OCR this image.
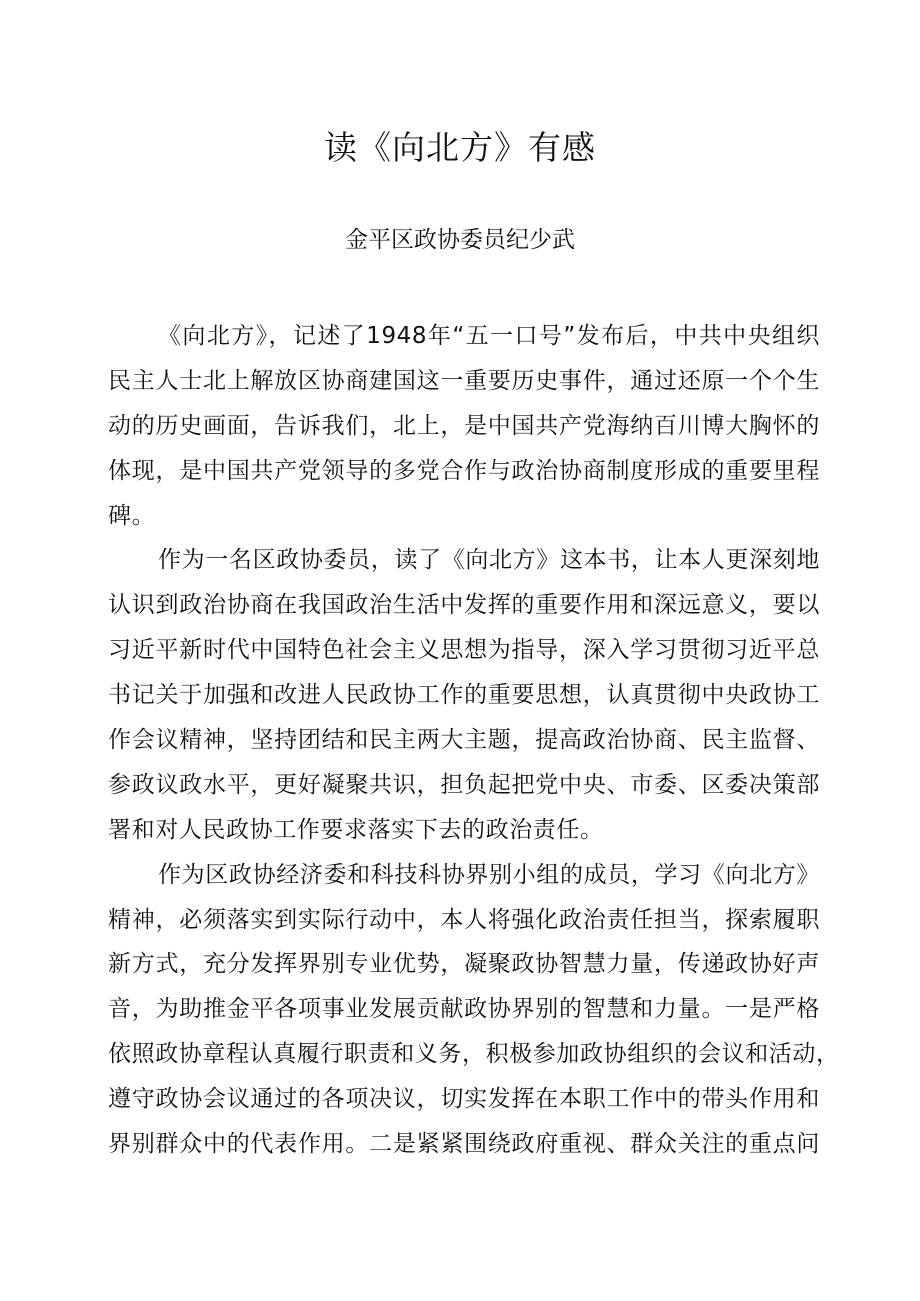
读《向北方》有感
金平区政协委员纪少武
《向北方》，记述了1948年“五一口号”发布后，中共中央组织
民主人士北上解放区协商建国这一重要历史事件，通过还原一个个生
动的历史画面，告诉我们，北上，是中国共产党海纳百川博大胸怀的
体现，是中国共产党领导的多党合作与政治协商制度形成的重要里程
碑。
作为一名区政协委员，读了《向北方》这本书，让本人更深刻地
认识到政治协商在我国政治生活中发挥的重要作用和深远意义，要以
习近平新时代中国特色社会主义思想为指导，深入学习贯彻习近平总
书记关于加强和改进人民政协工作的重要思想，认真贯彻中央政协工
作会议精神，坚持团结和民主两大主题，提高政治协商、民主监督、
参政议政水平，更好凝聚共识，担负起把党中央、市委、区委决策部
署和对人民政协工作要求落实下去的政治责任。
作为区政协经济委和科技科协界别小组的成员，学习《向北方》
精神，必须落实到实际行动中，本人将强化政治责任担当，探索履职
新方式，充分发挥界别专业优势，凝聚政协智慧力量，传递政协好声
音，为助推金平各项事业发展贡献政协界别的智慧和力量。一是严格
依照政协章程认真履行职责和义务，积极参加政协组织的会议和活动，
遵守政协会议通过的各项决议，切实发挥在本职工作中的带头作用和
界别群众中的代表作用。二是紧紧围绕政府重视、群众关注的重点问
